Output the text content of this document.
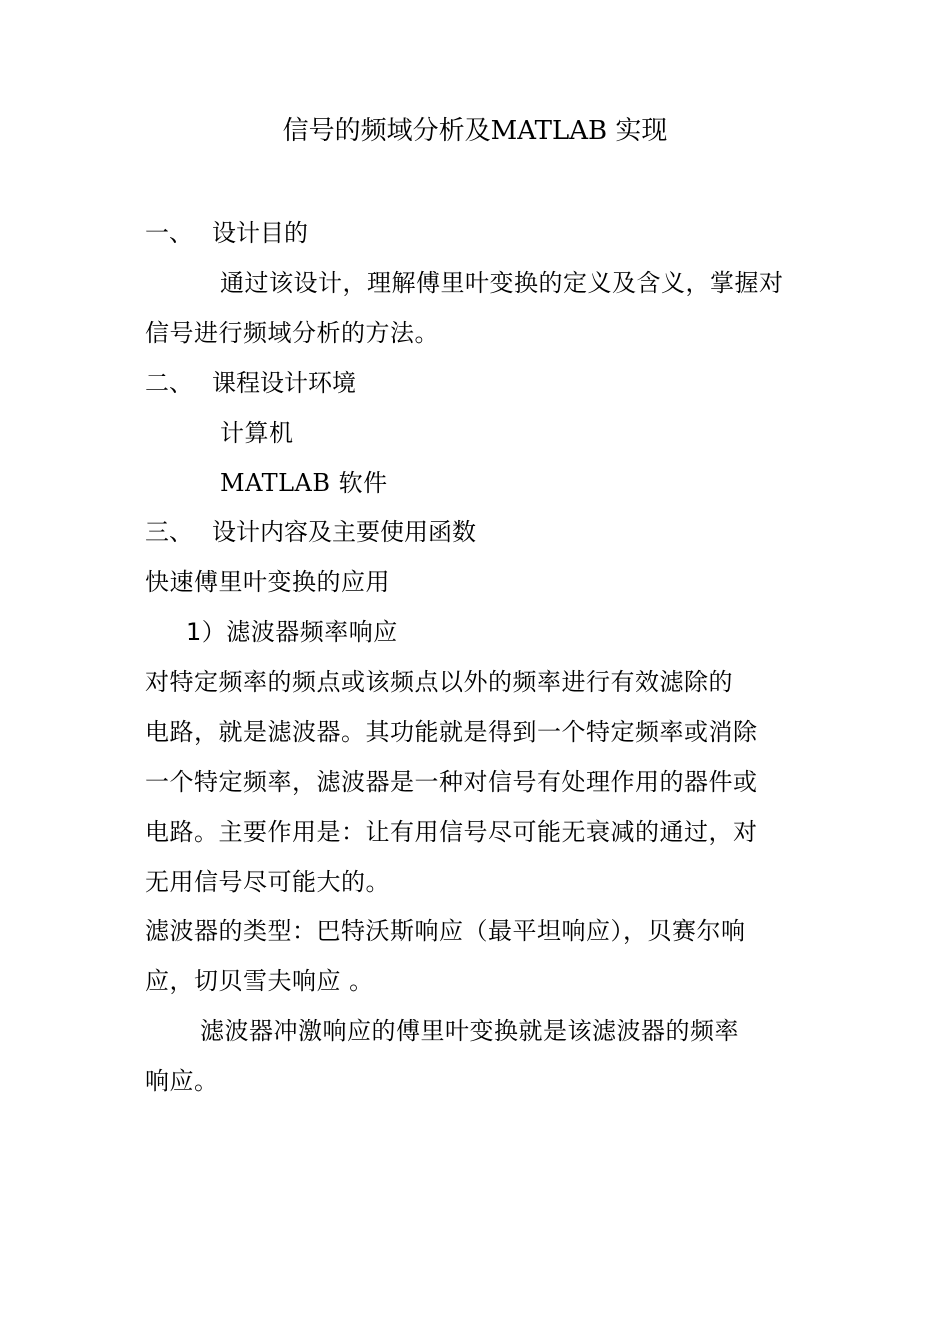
信号的频域分析及MATLAB 实现
一、 设计目的
通过该设计，理解傅里叶变换的定义及含义，掌握对
信号进行频域分析的方法。
二、 课程设计环境
计算机
MATLAB 软件
三、 设计内容及主要使用函数
快速傅里叶变换的应用
1）滤波器频率响应
对特定频率的频点或该频点以外的频率进行有效滤除的
电路，就是滤波器。其功能就是得到一个特定频率或消除
一个特定频率，滤波器是一种对信号有处理作用的器件或
电路。主要作用是：让有用信号尽可能无衰减的通过，对
无用信号尽可能大的。
滤波器的类型：巴特沃斯响应（最平坦响应），贝赛尔响
应，切贝雪夫响应 。
滤波器冲激响应的傅里叶变换就是该滤波器的频率
响应。
